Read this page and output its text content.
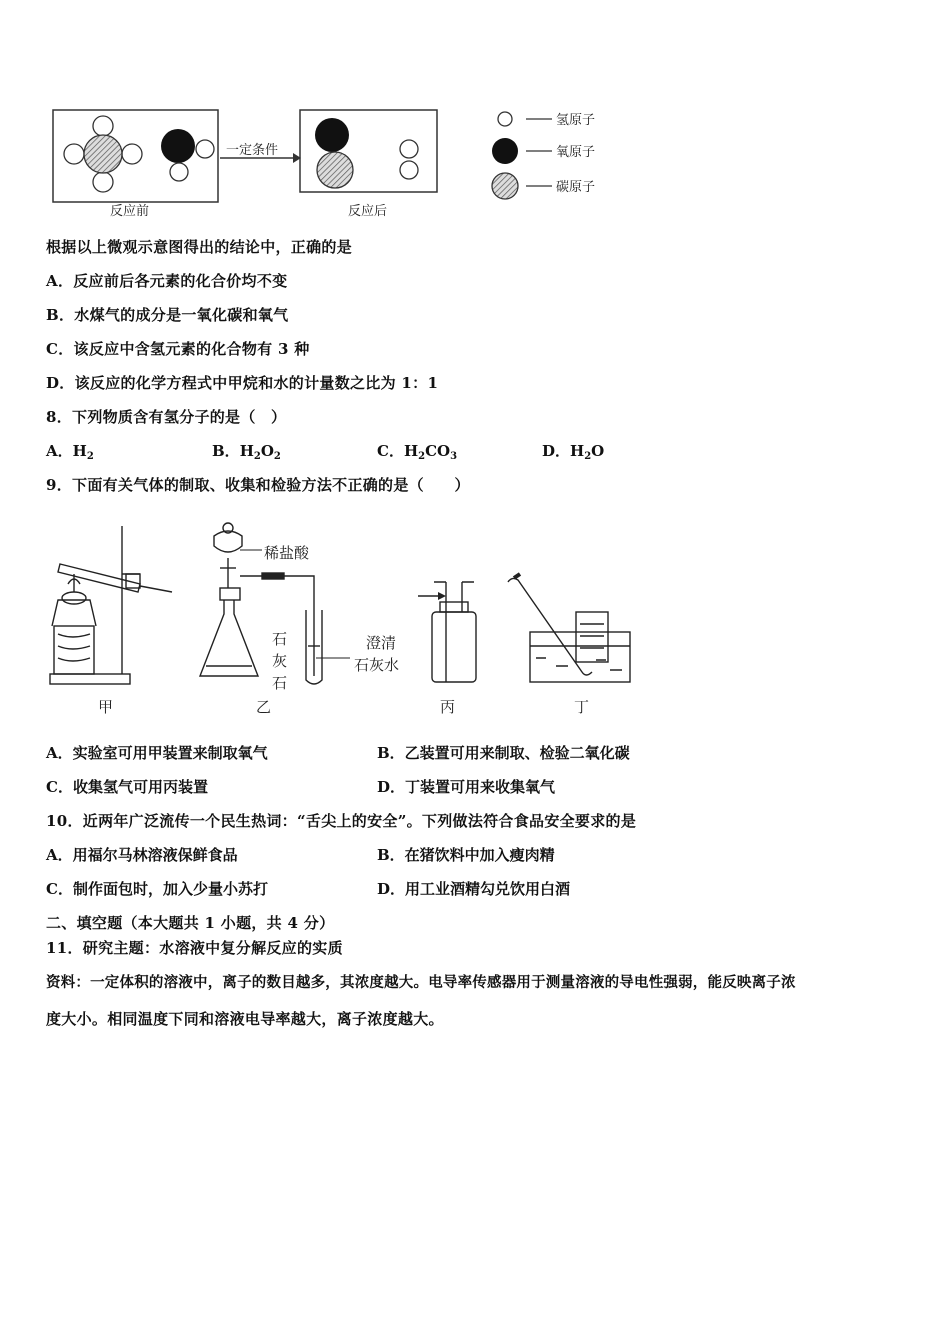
一定条件
反应前	反应后
氢原子
氧原子
碳原子
根据以上微观示意图得出的结论中，正确的是
A．反应前后各元素的化合价均不变
B．水煤气的成分是一氧化碳和氧气
C．该反应中含氢元素的化合物有 3 种
D．该反应的化学方程式中甲烷和水的计量数之比为 1：1
8．下列物质含有氢分子的是（　）
A．$H_2$	B．$H_2O_2$	C．$H_2CO_3$	D．$H_2O$
9．下面有关气体的制取、收集和检验方法不正确的是（　　）
稀盐酸
石
灰
石
澄清
石灰水
甲	乙	丙	丁
A．实验室可用甲装置来制取氧气	B．乙装置可用来制取、检验二氧化碳
C．收集氢气可用丙装置	D．丁装置可用来收集氧气
10．近两年广泛流传一个民生热词：“舌尖上的安全”。下列做法符合食品安全要求的是
A．用福尔马林溶液保鲜食品	B．在猪饮料中加入瘦肉精
C．制作面包时，加入少量小苏打	D．用工业酒精勾兑饮用白酒
二、填空题（本大题共 1 小题，共 4 分）
11．研究主题：水溶液中复分解反应的实质
资料：一定体积的溶液中，离子的数目越多，其浓度越大。电导率传感器用于测量溶液的导电性强弱，能反映离子浓
度大小。相同温度下同和溶液电导率越大，离子浓度越大。
